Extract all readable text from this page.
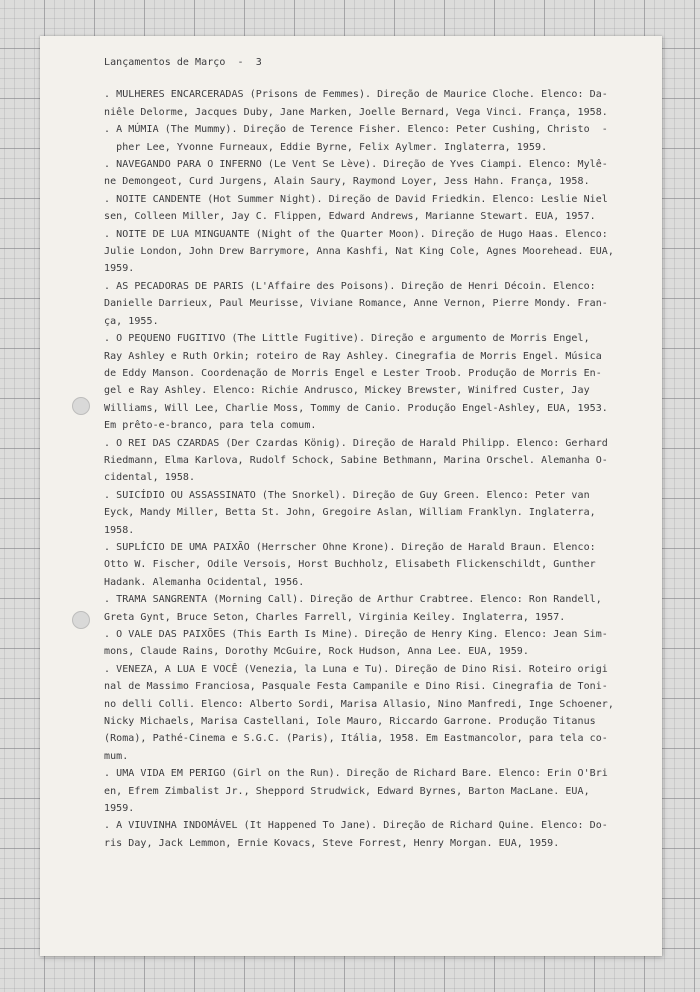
Lançamentos de Março  -  3
. MULHERES ENCARCERADAS (Prisons de Femmes). Direção de Maurice Cloche. Elenco: Da-
niêle Delorme, Jacques Duby, Jane Marken, Joelle Bernard, Vega Vinci. França, 1958.
. A MÚMIA (The Mummy). Direção de Terence Fisher. Elenco: Peter Cushing, Christo  -
pher Lee, Yvonne Furneaux, Eddie Byrne, Felix Aylmer. Inglaterra, 1959.
. NAVEGANDO PARA O INFERNO (Le Vent Se Lève). Direção de Yves Ciampi. Elenco: Mylê-
ne Demongeot, Curd Jurgens, Alain Saury, Raymond Loyer, Jess Hahn. França, 1958.
. NOITE CANDENTE (Hot Summer Night). Direção de David Friedkin. Elenco: Leslie Niel
sen, Colleen Miller, Jay C. Flippen, Edward Andrews, Marianne Stewart. EUA, 1957.
. NOITE DE LUA MINGUANTE (Night of the Quarter Moon). Direção de Hugo Haas. Elenco:
Julie London, John Drew Barrymore, Anna Kashfi, Nat King Cole, Agnes Moorehead. EUA,
1959.
. AS PECADORAS DE PARIS (L'Affaire des Poisons). Direção de Henri Décoin. Elenco:
Danielle Darrieux, Paul Meurisse, Viviane Romance, Anne Vernon, Pierre Mondy. Fran-
ça, 1955.
. O PEQUENO FUGITIVO (The Little Fugitive). Direção e argumento de Morris Engel,
Ray Ashley e Ruth Orkin; roteiro de Ray Ashley. Cinegrafia de Morris Engel. Música
de Eddy Manson. Coordenação de Morris Engel e Lester Troob. Produção de Morris En-
gel e Ray Ashley. Elenco: Richie Andrusco, Mickey Brewster, Winifred Custer, Jay
Williams, Will Lee, Charlie Moss, Tommy de Canio. Produção Engel-Ashley, EUA, 1953.
Em prêto-e-branco, para tela comum.
. O REI DAS CZARDAS (Der Czardas König). Direção de Harald Philipp. Elenco: Gerhard
Riedmann, Elma Karlova, Rudolf Schock, Sabine Bethmann, Marina Orschel. Alemanha O-
cidental, 1958.
. SUICÍDIO OU ASSASSINATO (The Snorkel). Direção de Guy Green. Elenco: Peter van
Eyck, Mandy Miller, Betta St. John, Gregoire Aslan, William Franklyn. Inglaterra,
1958.
. SUPLÍCIO DE UMA PAIXÃO (Herrscher Ohne Krone). Direção de Harald Braun. Elenco:
Otto W. Fischer, Odile Versois, Horst Buchholz, Elisabeth Flickenschildt, Gunther
Hadank. Alemanha Ocidental, 1956.
. TRAMA SANGRENTA (Morning Call). Direção de Arthur Crabtree. Elenco: Ron Randell,
Greta Gynt, Bruce Seton, Charles Farrell, Virginia Keiley. Inglaterra, 1957.
. O VALE DAS PAIXÕES (This Earth Is Mine). Direção de Henry King. Elenco: Jean Sim-
mons, Claude Rains, Dorothy McGuire, Rock Hudson, Anna Lee. EUA, 1959.
. VENEZA, A LUA E VOCÊ (Venezia, la Luna e Tu). Direção de Dino Risi. Roteiro origi
nal de Massimo Franciosa, Pasquale Festa Campanile e Dino Risi. Cinegrafia de Toni-
no delli Colli. Elenco: Alberto Sordi, Marisa Allasio, Nino Manfredi, Inge Schoener,
Nicky Michaels, Marisa Castellani, Iole Mauro, Riccardo Garrone. Produção Titanus
(Roma), Pathé-Cinema e S.G.C. (Paris), Itália, 1958. Em Eastmancolor, para tela co-
mum.
. UMA VIDA EM PERIGO (Girl on the Run). Direção de Richard Bare. Elenco: Erin O'Bri
en, Efrem Zimbalist Jr., Sheppord Strudwick, Edward Byrnes, Barton MacLane. EUA,
1959.
. A VIUVINHA INDOMÁVEL (It Happened To Jane). Direção de Richard Quine. Elenco: Do-
ris Day, Jack Lemmon, Ernie Kovacs, Steve Forrest, Henry Morgan. EUA, 1959.
